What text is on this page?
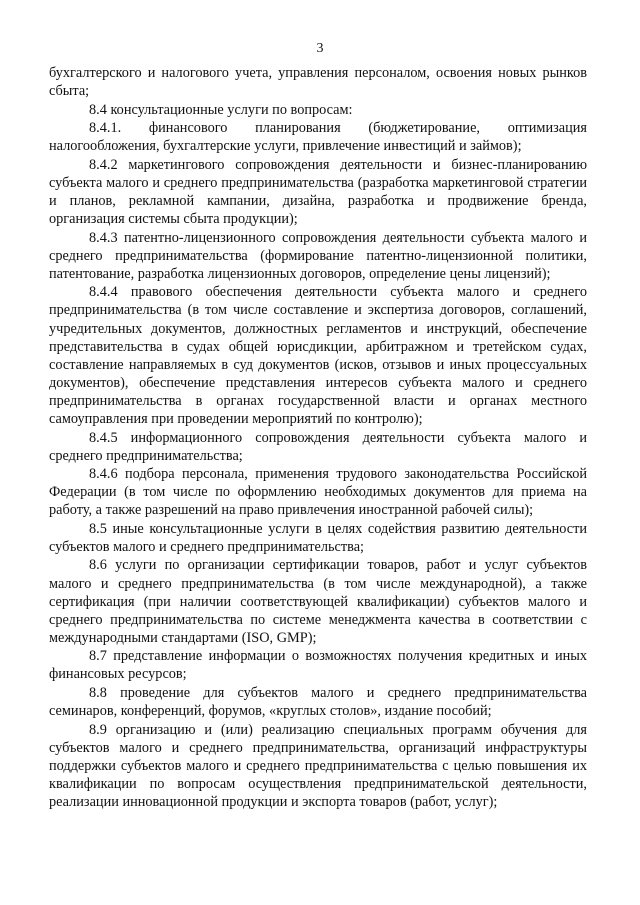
3

бухгалтерского и налогового учета, управления персоналом, освоения новых рынков сбыта;

8.4 консультационные услуги по вопросам:

8.4.1. финансового планирования (бюджетирование, оптимизация налогообложения, бухгалтерские услуги, привлечение инвестиций и займов);

8.4.2 маркетингового сопровождения деятельности и бизнес-планированию субъекта малого и среднего предпринимательства (разработка маркетинговой стратегии и планов, рекламной кампании, дизайна, разработка и продвижение бренда, организация системы сбыта продукции);

8.4.3 патентно-лицензионного сопровождения деятельности субъекта малого и среднего предпринимательства (формирование патентно-лицензионной политики, патентование, разработка лицензионных договоров, определение цены лицензий);

8.4.4 правового обеспечения деятельности субъекта малого и среднего предпринимательства (в том числе составление и экспертиза договоров, соглашений, учредительных документов, должностных регламентов и инструкций, обеспечение представительства в судах общей юрисдикции, арбитражном и третейском судах, составление направляемых в суд документов (исков, отзывов и иных процессуальных документов), обеспечение представления интересов субъекта малого и среднего предпринимательства в органах государственной власти и органах местного самоуправления при проведении мероприятий по контролю);

8.4.5 информационного сопровождения деятельности субъекта малого и среднего предпринимательства;

8.4.6 подбора персонала, применения трудового законодательства Российской Федерации (в том числе по оформлению необходимых документов для приема на работу, а также разрешений на право привлечения иностранной рабочей силы);

8.5 иные консультационные услуги в целях содействия развитию деятельности субъектов малого и среднего предпринимательства;

8.6 услуги по организации сертификации товаров, работ и услуг субъектов малого и среднего предпринимательства (в том числе международной), а также сертификация (при наличии соответствующей квалификации) субъектов малого и среднего предпринимательства по системе менеджмента качества в соответствии с международными стандартами (ISO, GMP);

8.7 представление информации о возможностях получения кредитных и иных финансовых ресурсов;

8.8 проведение для субъектов малого и среднего предпринимательства семинаров, конференций, форумов, «круглых столов», издание пособий;

8.9 организацию и (или) реализацию специальных программ обучения для субъектов малого и среднего предпринимательства, организаций инфраструктуры поддержки субъектов малого и среднего предпринимательства с целью повышения их квалификации по вопросам осуществления предпринимательской деятельности, реализации инновационной продукции и экспорта товаров (работ, услуг);
